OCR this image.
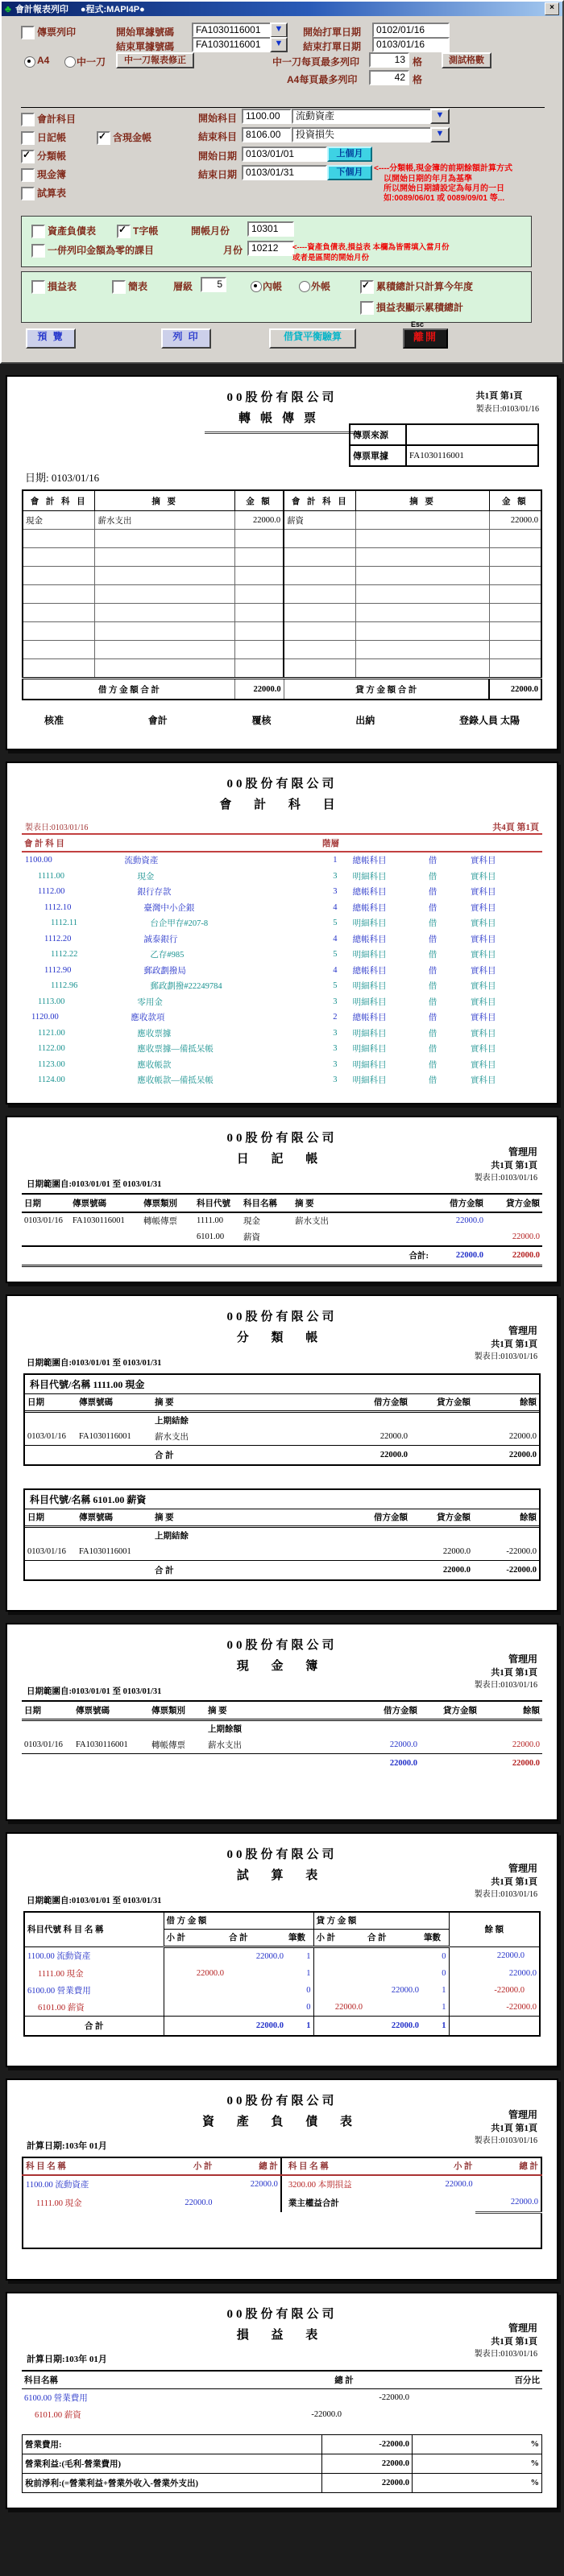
♣ 會計報表列印 ●程式:MAPI4P●	×
傳票列印	開始單據號碼	FA1030116001	▼	開始打單日期	0102/01/16
結束單據號碼	FA1030116001	▼	結束打單日期	0103/01/16
A4	中一刀	中一刀報表修正	中一刀每頁最多列印	13 格	測試格數
A4每頁最多列印	42 格
會計科目
日記帳 ✓	含現金帳
✓
分類帳
現金簿
試算表
開始科目 1100.00	流動資產	▼
結束科目 8106.00	投資損失	▼
開始日期 0103/01/01	上個月
結束日期 0103/01/31	下個月	<----分類帳,現金簿的前期餘額計算方式
以開始日期的年月為基準
所以開始日期請設定為每月的一日
如:0089/06/01 或 0089/09/01 等...
資產負債表 ✓	T字帳	開帳月份	10301
一併列印金額為零的課目	月份 10212	<----資產負債表,損益表 本欄為皆需填入當月份
或者是區間的開始月份
損益表	簡表	層級	5	內帳	外帳 ✓	累積總計只計算今年度
損益表顯示累積總計
Esc
預 覽	列 印	借貸平衡驗算	離開
00股份有限公司
轉帳傳票
共1頁 第1頁
製表日:0103/01/16
傳票來源	
傳票單據	FA1030116001
日期: 0103/01/16
會 計 科 目	摘 要	金 額	會 計 科 目	摘 要	金 額
現金	薪水支出	22000.0	薪資		22000.0

借 方 金 額 合 計		22000.0	貸 方 金 額 合 計		22000.0
核准	會計	覆核	出納	登錄人員 太陽
00股份有限公司
會 計 科 目
製表日:0103/01/16	共4頁 第1頁
會 計 科 目		階層			
1100.00	流動資產	1	總帳科目	借	實科目
1111.00	現金	3	明細科目	借	實科目
1112.00	銀行存款	3	總帳科目	借	實科目
1112.10	臺灣中小企銀	4	總帳科目	借	實科目
1112.11	台企甲存#207-8	5	明細科目	借	實科目
1112.20	誠泰銀行	4	總帳科目	借	實科目
1112.22	乙存#985	5	明細科目	借	實科目
1112.90	郵政劃撥局	4	總帳科目	借	實科目
1112.96	郵政劃撥#22249784	5	明細科目	借	實科目
1113.00	零用金	3	明細科目	借	實科目
1120.00	應收款項	2	總帳科目	借	實科目
1121.00	應收票據	3	明細科目	借	實科目
1122.00	應收票據—備抵呆帳	3	明細科目	借	實科目
1123.00	應收帳款	3	明細科目	借	實科目
1124.00	應收帳款—備抵呆帳	3	明細科目	借	實科目
00股份有限公司
日 記 帳
管理用
共1頁 第1頁
製表日:0103/01/16
日期範圍自:0103/01/01 至 0103/01/31
日期	傳票號碼	傳票類別	科目代號	科目名稱	摘 要	借方金額	貸方金額
0103/01/16	FA1030116001	轉帳傳票	1111.00	現金	薪水支出	22000.0	
			6101.00	薪資			22000.0
合計:						22000.0	22000.0
00股份有限公司
分 類 帳
管理用
共1頁 第1頁
製表日:0103/01/16
日期範圍自:0103/01/01 至 0103/01/31
科目代號/名稱 1111.00 現金
日期	傳票號碼	摘 要	借方金額	貸方金額	餘額
		上期結餘			
0103/01/16	FA1030116001	薪水支出	22000.0		22000.0
		合 計	22000.0		22000.0
科目代號/名稱 6101.00 薪資
日期	傳票號碼	摘 要	借方金額	貸方金額	餘額
		上期結餘			
0103/01/16	FA1030116001			22000.0	-22000.0
		合 計		22000.0	-22000.0
00股份有限公司
現 金 簿
管理用
共1頁 第1頁
製表日:0103/01/16
日期範圍自:0103/01/01 至 0103/01/31
日期	傳票號碼	傳票類別	摘 要	借方金額	貸方金額	餘額
			上期餘額			
0103/01/16	FA1030116001	轉帳傳票	薪水支出	22000.0		22000.0
				22000.0		22000.0
00股份有限公司
試 算 表
管理用
共1頁 第1頁
製表日:0103/01/16
日期範圍自:0103/01/01 至 0103/01/31
科目代號 科 目 名 稱	借 方 金 額			貸 方 金 額			餘 額
	小 計	合 計	筆數	小 計	合 計	筆數	
1100.00 流動資產		22000.0	1			0	22000.0
1111.00 現金	22000.0		1			0	22000.0
6100.00 營業費用			0		22000.0	1	-22000.0
6101.00 薪資			0	22000.0		1	-22000.0
合 計		22000.0	1		22000.0	1	
00股份有限公司
資 產 負 債 表
管理用
共1頁 第1頁
製表日:0103/01/16
計算日期:103年 01月
科 目 名 稱	小 計	總 計	科 目 名 稱	小 計	總 計
1100.00 流動資產		22000.0	3200.00 本期損益	22000.0	
1111.00 現金	22000.0		業主權益合計		22000.0

00股份有限公司
損 益 表
管理用
共1頁 第1頁
製表日:0103/01/16
計算日期:103年 01月
科目名稱	總 計		百分比
6100.00 營業費用		-22000.0	
6101.00 薪資	-22000.0		
營業費用:	-22000.0	%
營業利益:(毛利-營業費用)	22000.0	%
稅前淨利:(=營業利益+營業外收入-營業外支出)	22000.0	%
